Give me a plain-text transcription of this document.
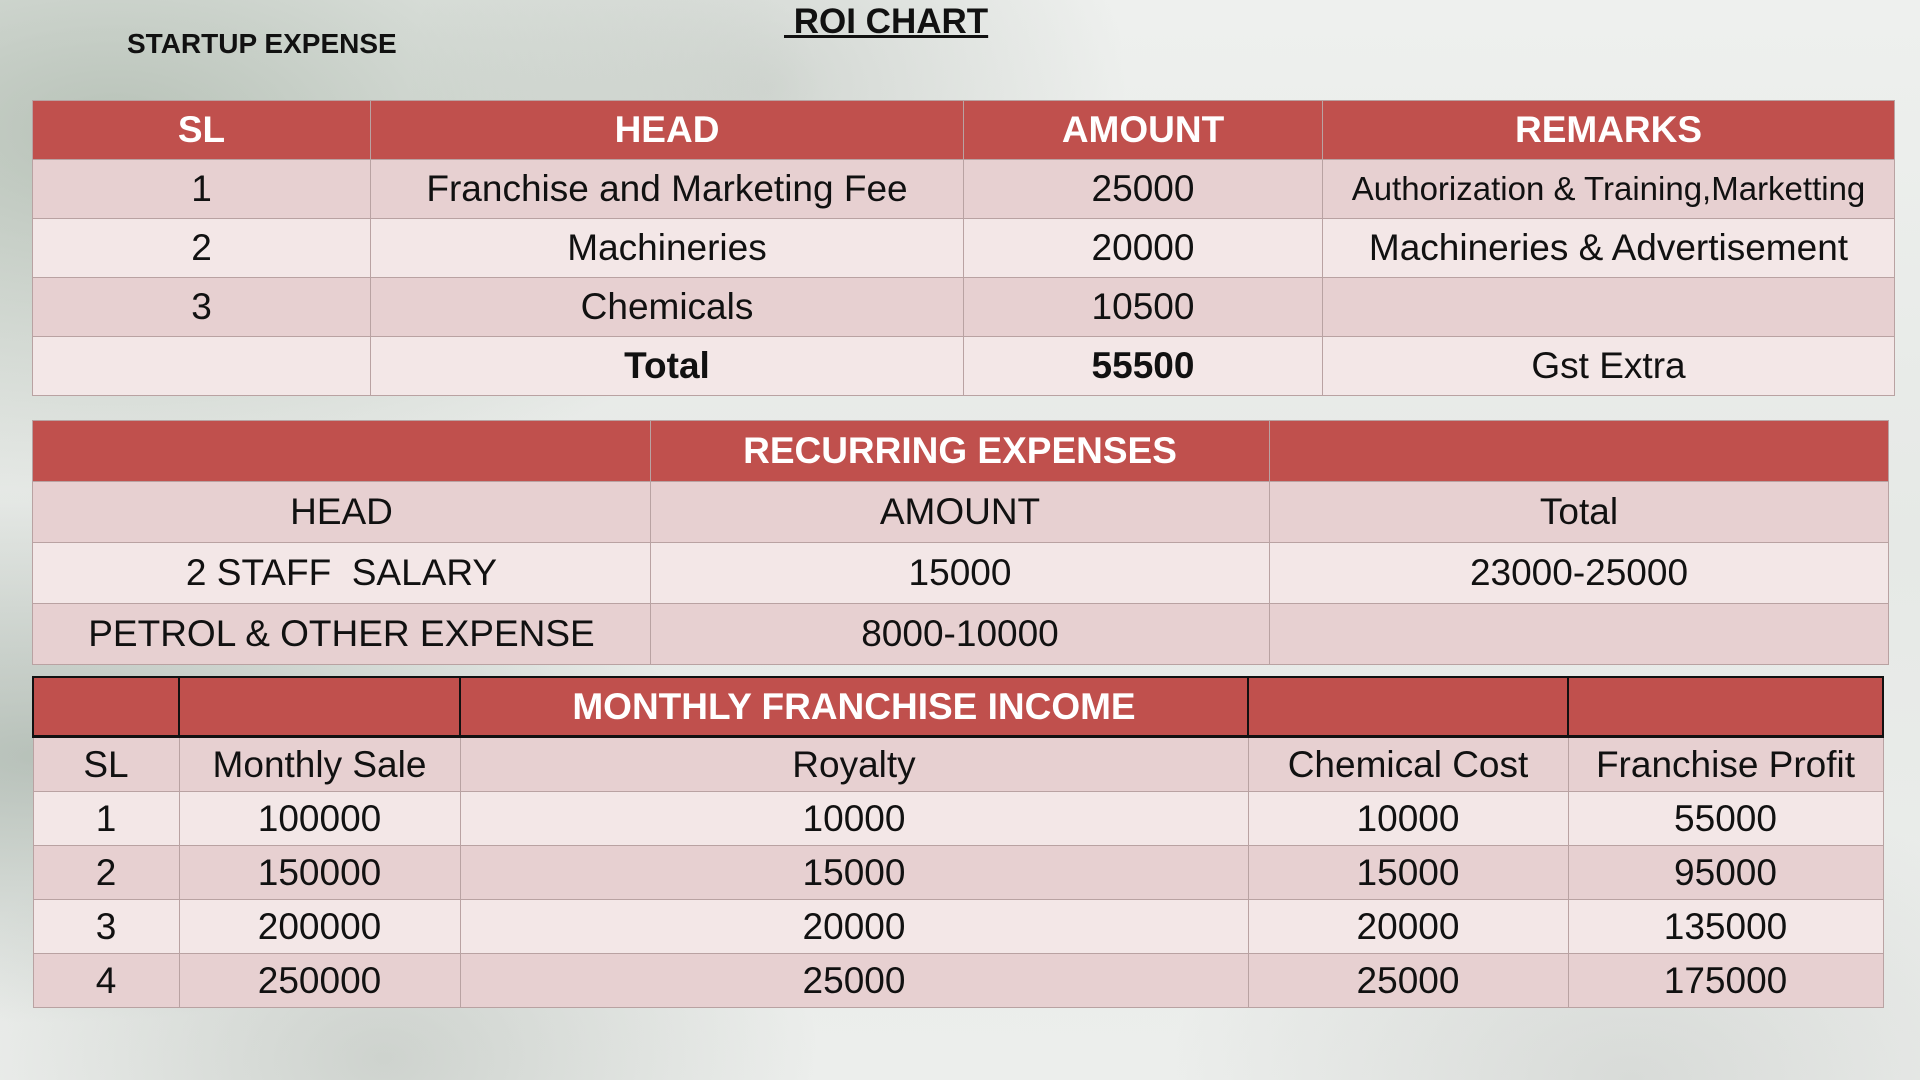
ROI CHART
STARTUP EXPENSE
SL	HEAD	AMOUNT	REMARKS
1	Franchise and Marketing Fee	25000	Authorization & Training,Marketting
2	Machineries	20000	Machineries & Advertisement
3	Chemicals	10500	
	Total	55500	Gst Extra
	RECURRING EXPENSES	
HEAD	AMOUNT	Total
2 STAFF  SALARY	15000	23000-25000
PETROL & OTHER EXPENSE	8000-10000	
		MONTHLY FRANCHISE INCOME		
SL	Monthly Sale	Royalty	Chemical Cost	Franchise Profit
1	100000	10000	10000	55000
2	150000	15000	15000	95000
3	200000	20000	20000	135000
4	250000	25000	25000	175000
